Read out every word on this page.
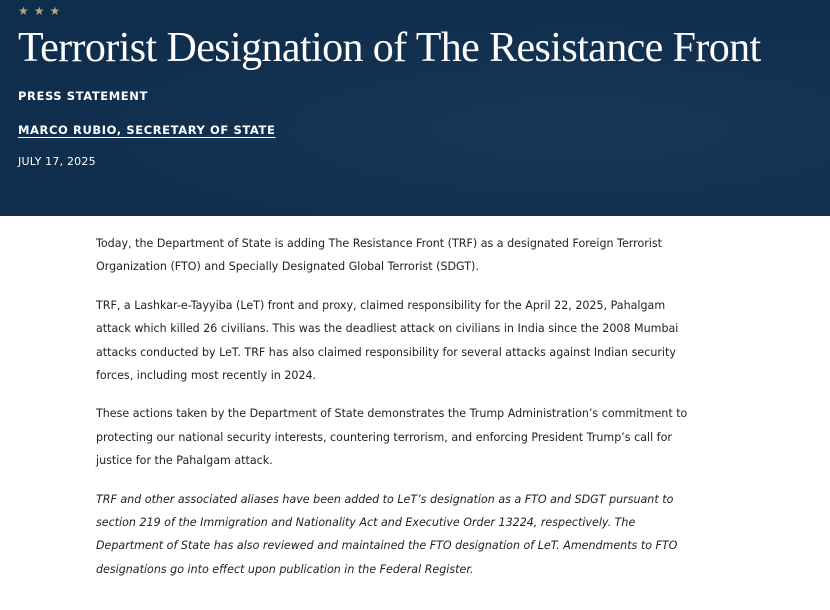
★ ★ ★
Terrorist Designation of The Resistance Front
PRESS STATEMENT
MARCO RUBIO, SECRETARY OF STATE
JULY 17, 2025

Today, the Department of State is adding The Resistance Front (TRF) as a designated Foreign Terrorist Organization (FTO) and Specially Designated Global Terrorist (SDGT).

TRF, a Lashkar-e-Tayyiba (LeT) front and proxy, claimed responsibility for the April 22, 2025, Pahalgam attack which killed 26 civilians. This was the deadliest attack on civilians in India since the 2008 Mumbai attacks conducted by LeT. TRF has also claimed responsibility for several attacks against Indian security forces, including most recently in 2024.

These actions taken by the Department of State demonstrates the Trump Administration’s commitment to protecting our national security interests, countering terrorism, and enforcing President Trump’s call for justice for the Pahalgam attack.

TRF and other associated aliases have been added to LeT’s designation as a FTO and SDGT pursuant to section 219 of the Immigration and Nationality Act and Executive Order 13224, respectively. The Department of State has also reviewed and maintained the FTO designation of LeT. Amendments to FTO designations go into effect upon publication in the Federal Register.
